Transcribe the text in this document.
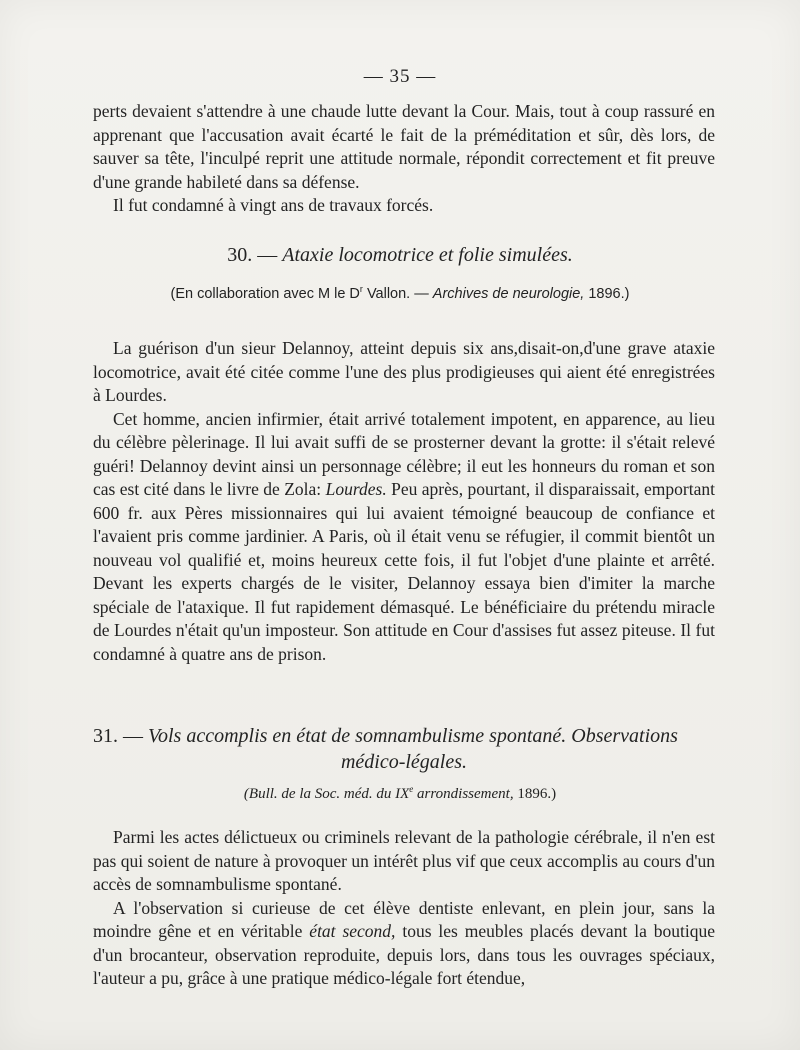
— 35 —

perts devaient s'attendre à une chaude lutte devant la Cour. Mais, tout à coup rassuré en apprenant que l'accusation avait écarté le fait de la préméditation et sûr, dès lors, de sauver sa tête, l'inculpé reprit une attitude normale, répondit correctement et fit preuve d'une grande habileté dans sa défense.

Il fut condamné à vingt ans de travaux forcés.

30. — Ataxie locomotrice et folie simulées.
(En collaboration avec M le $D^r$ Vallon. — Archives de neurologie, 1896.)

La guérison d'un sieur Delannoy, atteint depuis six ans,disait-on,d'une grave ataxie locomotrice, avait été citée comme l'une des plus prodigieuses qui aient été enregistrées à Lourdes.

Cet homme, ancien infirmier, était arrivé totalement impotent, en apparence, au lieu du célèbre pèlerinage. Il lui avait suffi de se prosterner devant la grotte: il s'était relevé guéri! Delannoy devint ainsi un personnage célèbre; il eut les honneurs du roman et son cas est cité dans le livre de Zola: Lourdes. Peu après, pourtant, il disparaissait, emportant 600 fr. aux Pères missionnaires qui lui avaient témoigné beaucoup de confiance et l'avaient pris comme jardinier. A Paris, où il était venu se réfugier, il commit bientôt un nouveau vol qualifié et, moins heureux cette fois, il fut l'objet d'une plainte et arrêté. Devant les experts chargés de le visiter, Delannoy essaya bien d'imiter la marche spéciale de l'ataxique. Il fut rapidement démasqué. Le bénéficiaire du prétendu miracle de Lourdes n'était qu'un imposteur. Son attitude en Cour d'assises fut assez piteuse. Il fut condamné à quatre ans de prison.

31. — Vols accomplis en état de somnambulisme spontané. Observations
médico-légales.
(Bull. de la Soc. méd. du IXe arrondissement, 1896.)

Parmi les actes délictueux ou criminels relevant de la pathologie cérébrale, il n'en est pas qui soient de nature à provoquer un intérêt plus vif que ceux accomplis au cours d'un accès de somnambulisme spontané.

A l'observation si curieuse de cet élève dentiste enlevant, en plein jour, sans la moindre gêne et en véritable état second, tous les meubles placés devant la boutique d'un brocanteur, observation reproduite, depuis lors, dans tous les ouvrages spéciaux, l'auteur a pu, grâce à une pratique médico-légale fort étendue,
